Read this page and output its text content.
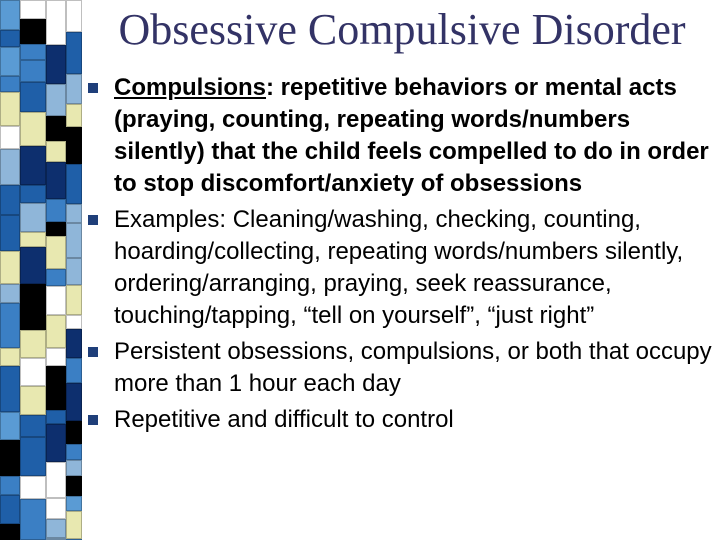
Obsessive Compulsive Disorder
Compulsions: repetitive behaviors or mental acts (praying, counting, repeating words/numbers silently) that the child feels compelled to do in order to stop discomfort/anxiety of obsessions
Examples: Cleaning/washing, checking, counting, hoarding/collecting, repeating words/numbers silently, ordering/arranging, praying, seek reassurance, touching/tapping, “tell on yourself”, “just right”
Persistent obsessions, compulsions, or both that occupy more than 1 hour each day
Repetitive and difficult to control
